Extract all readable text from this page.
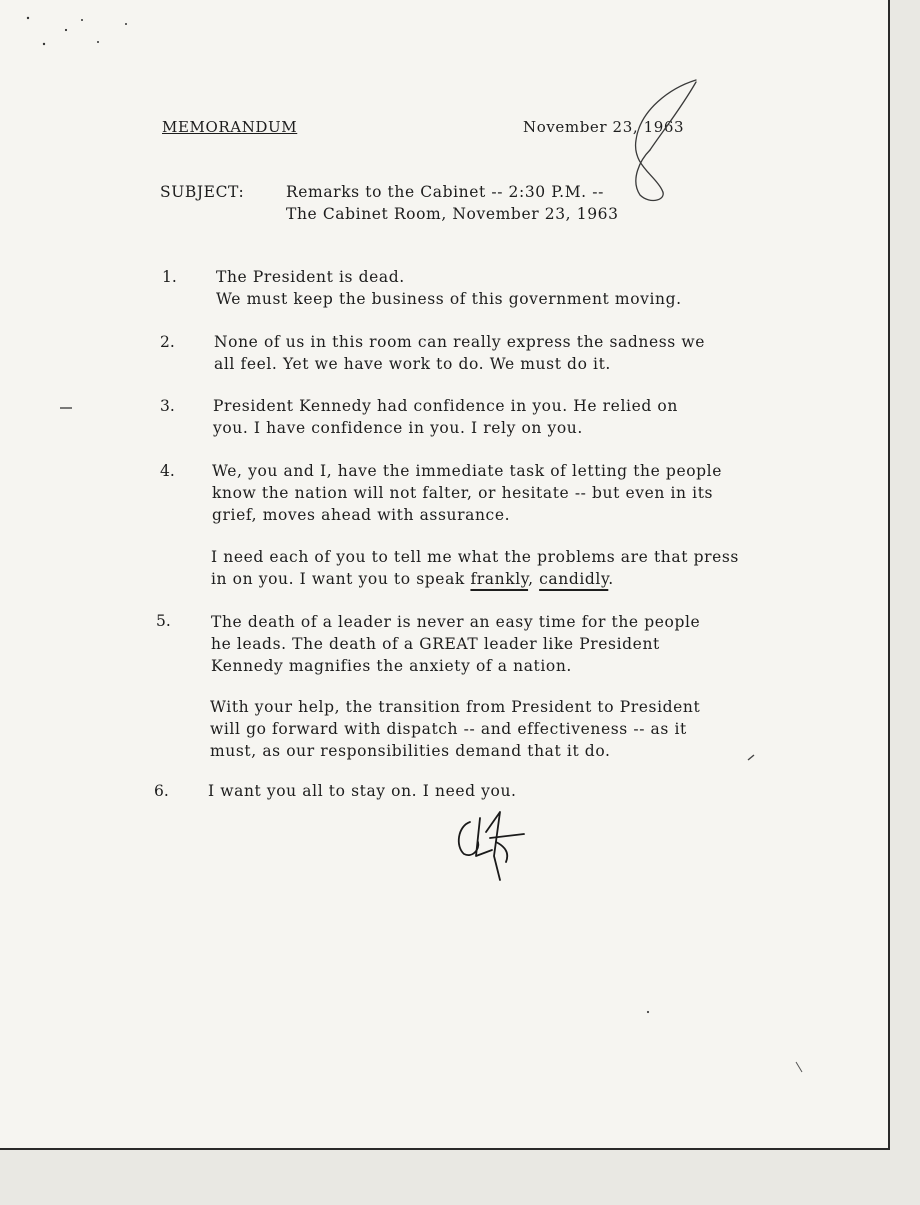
MEMORANDUM	November 23, 1963
SUBJECT:	Remarks to the Cabinet -- 2:30 P.M. --
The Cabinet Room, November 23, 1963
1.	The President is dead.
We must keep the business of this government moving.
2.	None of us in this room can really express the sadness we
all feel. Yet we have work to do. We must do it.
3. President Kennedy had confidence in you. He relied on
you. I have confidence in you. I rely on you.
4. We, you and I, have the immediate task of letting the people
know the nation will not falter, or hesitate -- but even in its
grief, moves ahead with assurance.
I need each of you to tell me what the problems are that press
in on you. I want you to speak frankly, candidly.
5.	The death of a leader is never an easy time for the people
he leads. The death of a GREAT leader like President
Kennedy magnifies the anxiety of a nation.
With your help, the transition from President to President
will go forward with dispatch -- and effectiveness -- as it
must, as our responsibilities demand that it do.
6.	I want you all to stay on. I need you.
